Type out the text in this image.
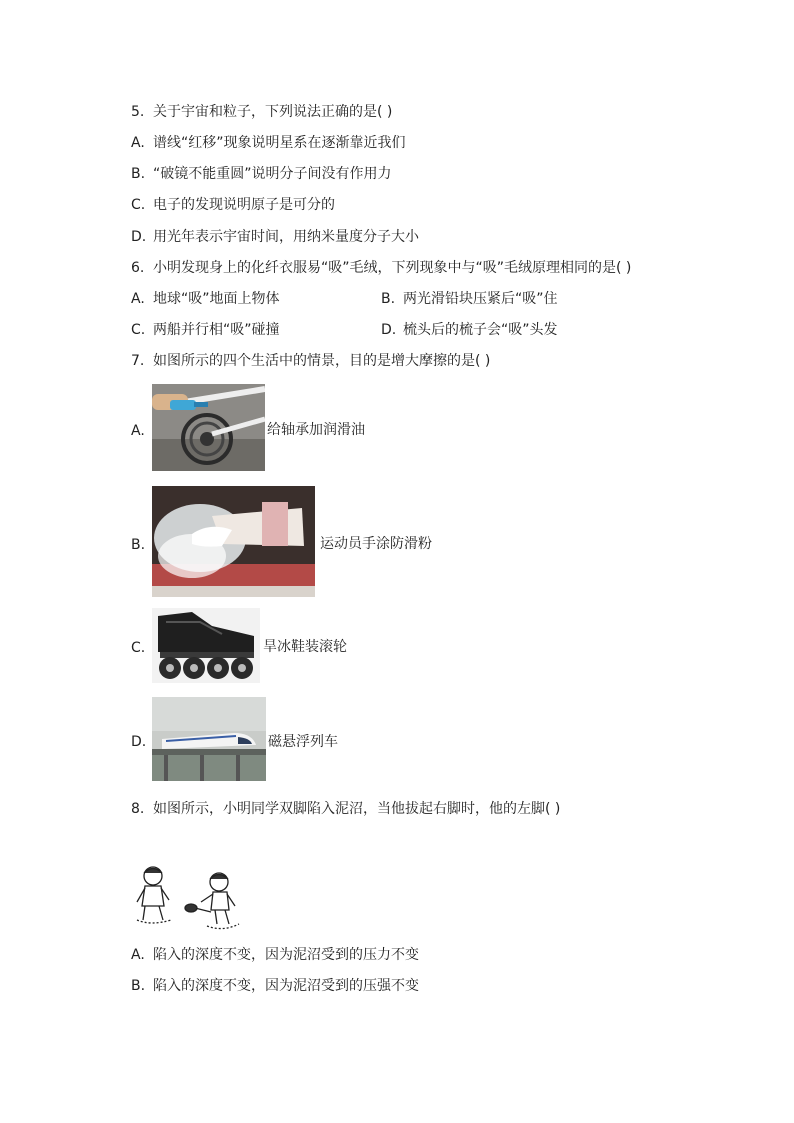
5. 关于宇宙和粒子，下列说法正确的是( )
A. 谱线“红移”现象说明星系在逐渐靠近我们
B. “破镜不能重圆”说明分子间没有作用力
C. 电子的发现说明原子是可分的
D. 用光年表示宇宙时间，用纳米量度分子大小
6. 小明发现身上的化纤衣服易“吸”毛绒，下列现象中与“吸”毛绒原理相同的是( )
A. 地球“吸”地面上物体	B. 两光滑铅块压紧后“吸”住
C. 两船并行相“吸”碰撞	D. 梳头后的梳子会“吸”头发
7. 如图所示的四个生活中的情景，目的是增大摩擦的是( )
A.	给轴承加润滑油
B.	运动员手涂防滑粉
C.	旱冰鞋装滚轮
D.	磁悬浮列车
8. 如图所示，小明同学双脚陷入泥沼，当他拔起右脚时，他的左脚( )
A. 陷入的深度不变，因为泥沼受到的压力不变
B. 陷入的深度不变，因为泥沼受到的压强不变
